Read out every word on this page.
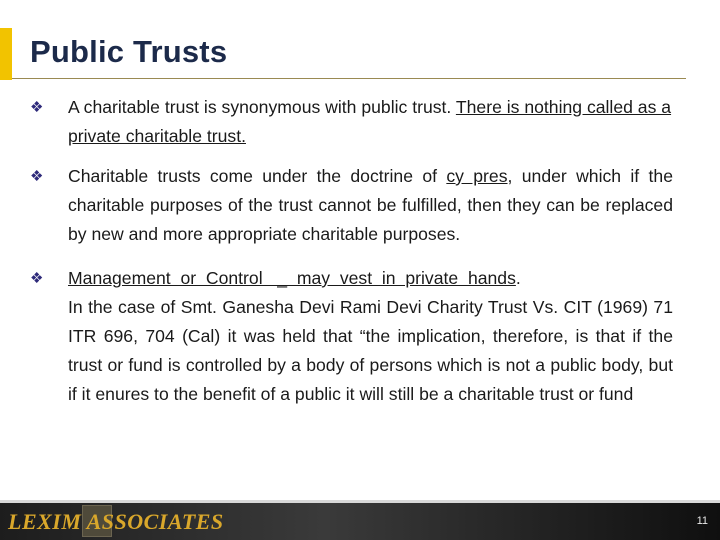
Public Trusts
❖	A charitable trust is synonymous with public trust. There is nothing called as a private charitable trust.
❖	Charitable trusts come under the doctrine of cy pres, under which if the charitable purposes of the trust cannot be fulfilled, then they can be replaced by new and more appropriate charitable purposes.
❖	Management  or  Control   _  may  vest  in  private  hands.
In the case of Smt. Ganesha Devi Rami Devi Charity Trust Vs. CIT (1969) 71 ITR 696, 704 (Cal) it was held that “the implication, therefore, is that if the trust or fund is controlled by a body of persons which is not a public body, but if it enures to the benefit of a public it will still be a charitable trust or fund
LEXIM ASSOCIATES	11
